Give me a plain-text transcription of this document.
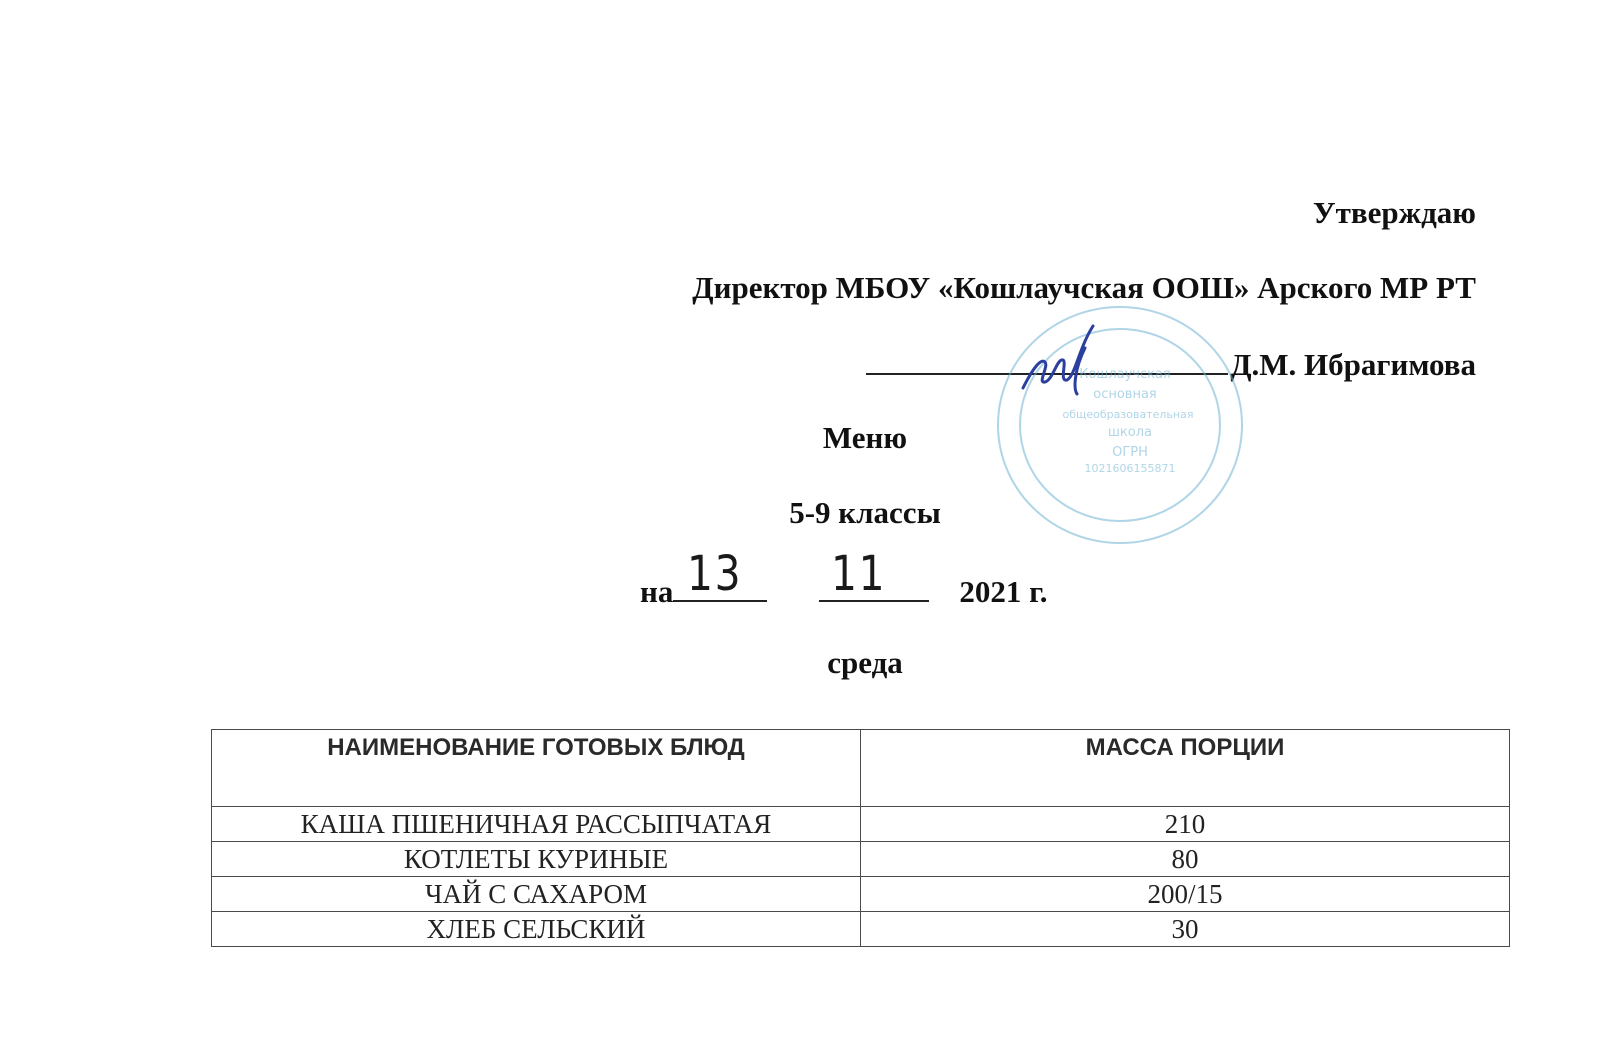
Утверждаю
Директор МБОУ «Кошлаучская ООШ» Арского МР РТ
Д.М. Ибрагимова
Кошлаучская
основная
общеобразовательная
школа
ОГРН
1021606155871
Меню
5-9 классы
на 13 11 2021 г.
среда
НАИМЕНОВАНИЕ ГОТОВЫХ БЛЮД	МАССА ПОРЦИИ
КАША ПШЕНИЧНАЯ РАССЫПЧАТАЯ	210
КОТЛЕТЫ КУРИНЫЕ	80
ЧАЙ С САХАРОМ	200/15
ХЛЕБ СЕЛЬСКИЙ	30
